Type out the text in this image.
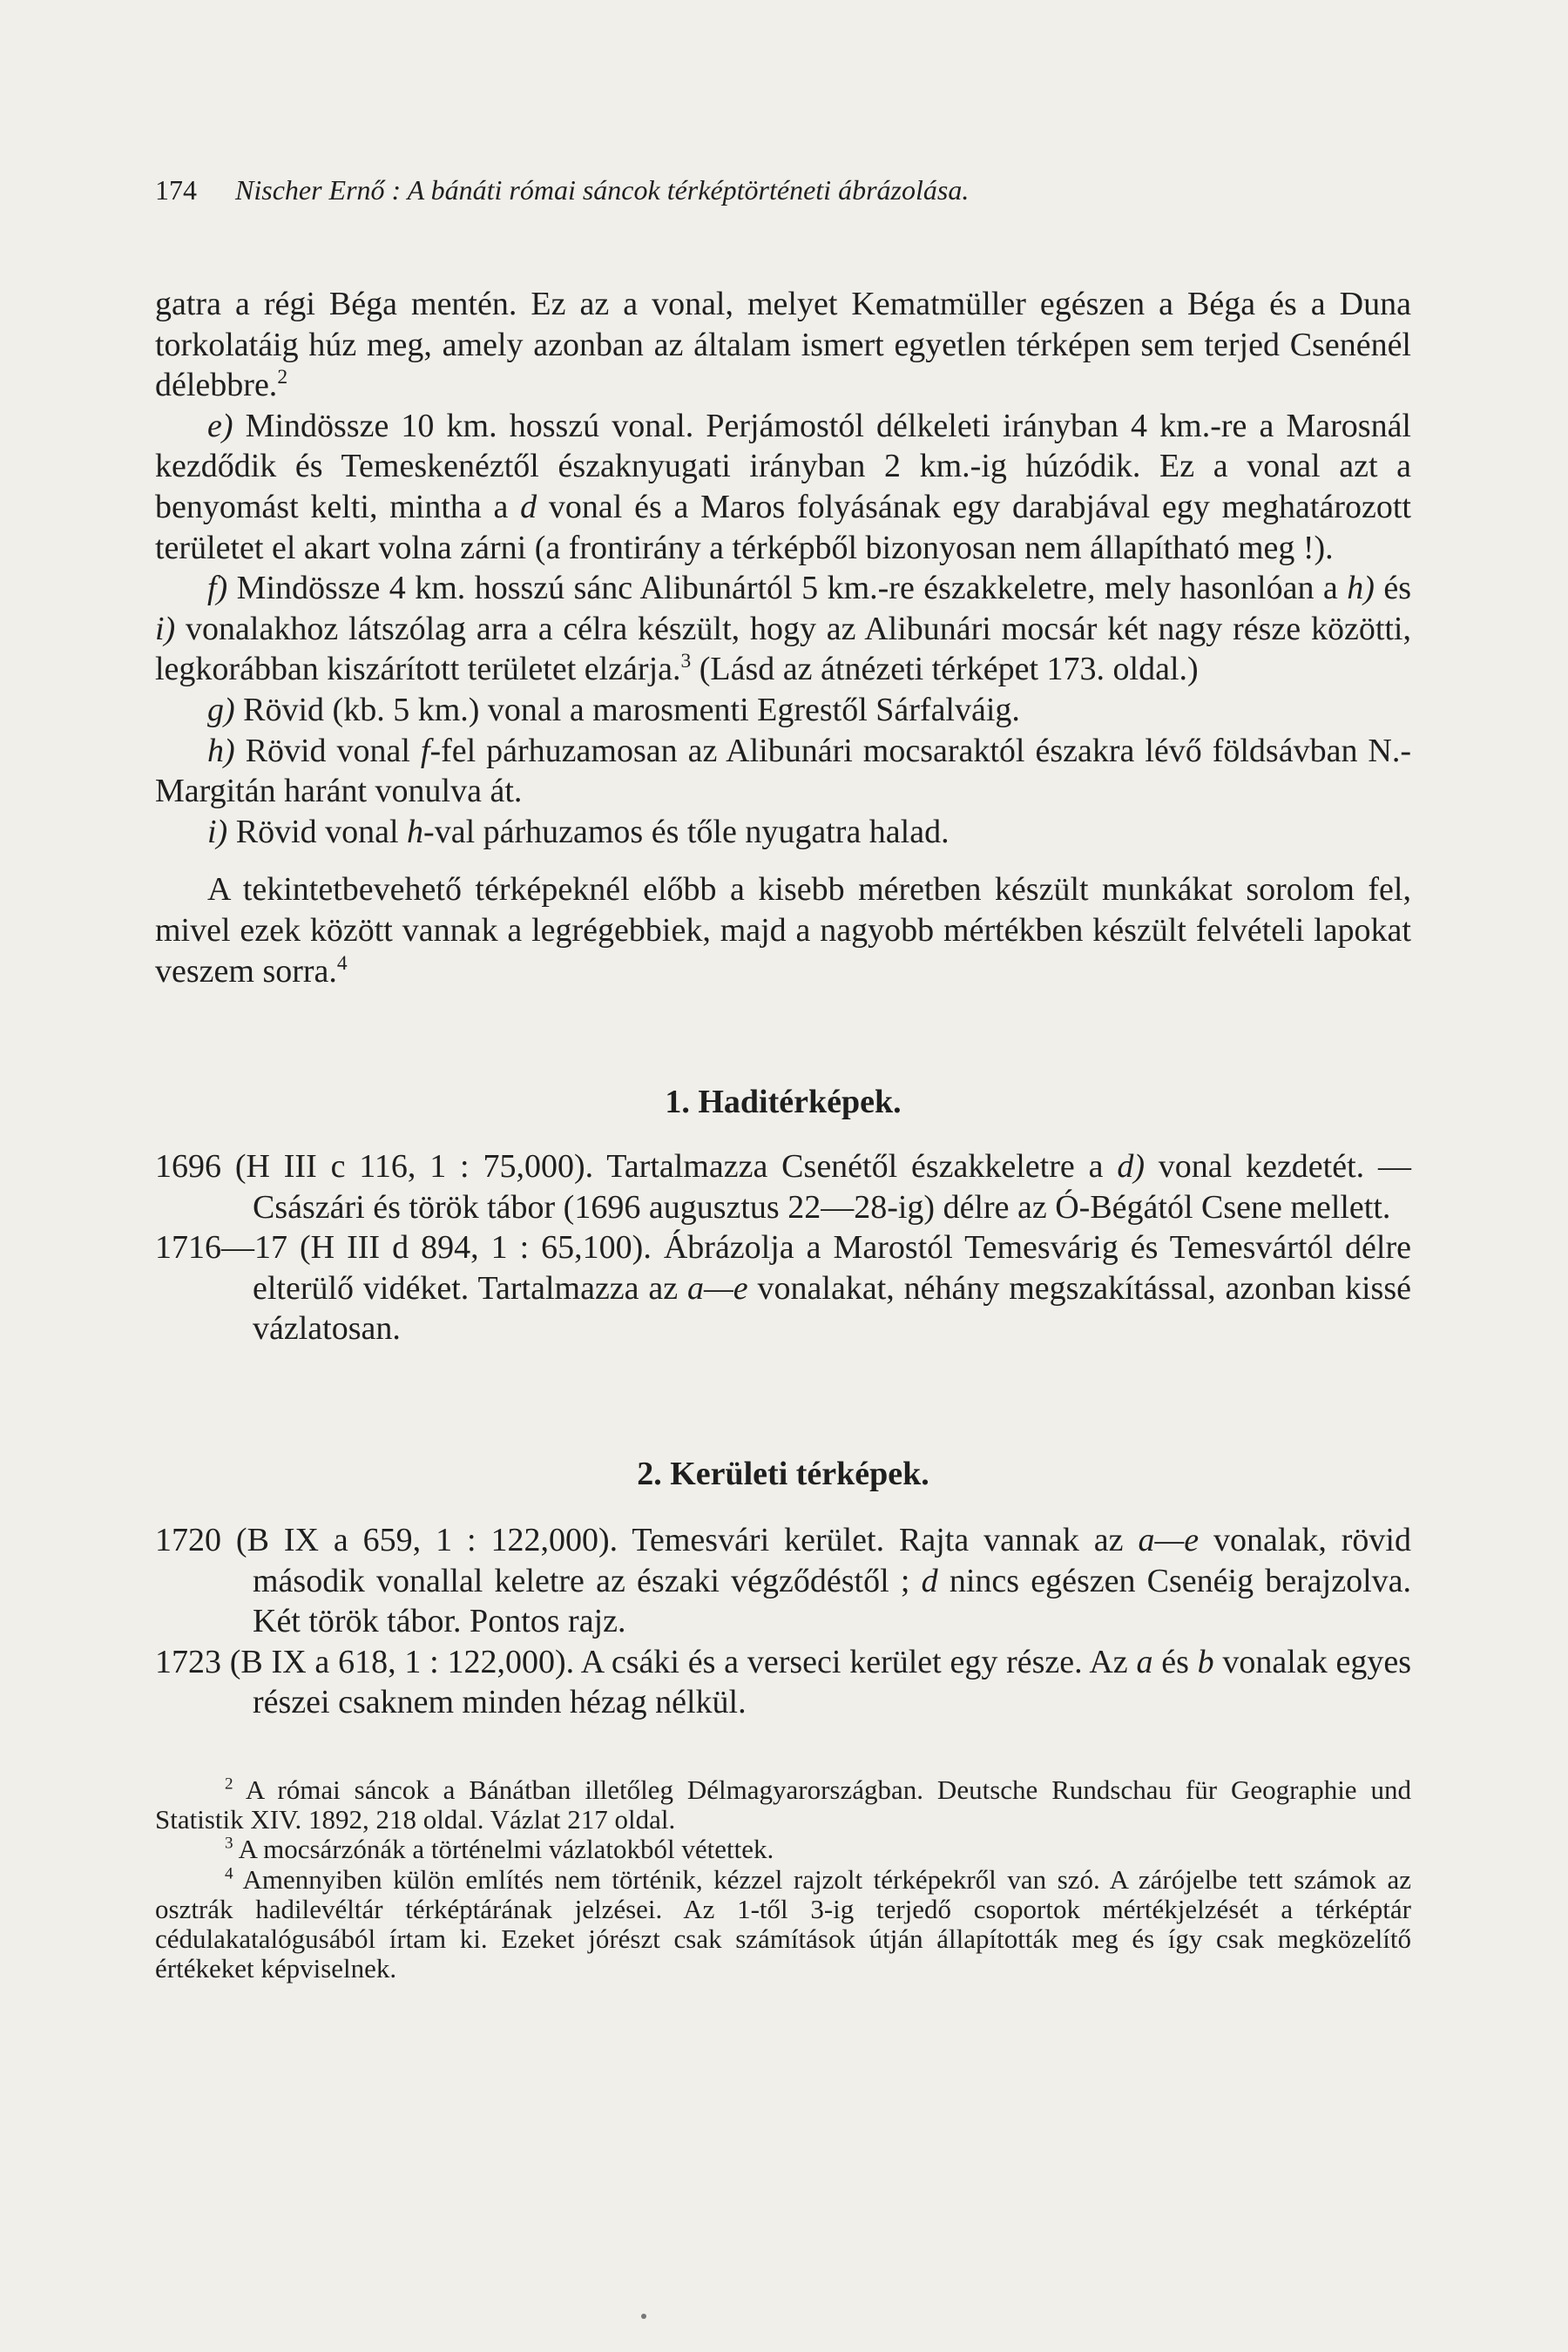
174 Nischer Ernő : A bánáti római sáncok térképtörténeti ábrázolása.

gatra a régi Béga mentén. Ez az a vonal, melyet Kematmüller egészen a Béga és a Duna torkolatáig húz meg, amely azonban az általam ismert egyetlen térképen sem terjed Csenénél délebbre.$^2$

e) Mindössze 10 km. hosszú vonal. Perjámostól délkeleti irányban 4 km.-re a Marosnál kezdődik és Temeskenéztől északnyugati irányban 2 km.-ig húzódik. Ez a vonal azt a benyomást kelti, mintha a d vonal és a Maros folyásának egy darabjával egy meghatározott területet el akart volna zárni (a frontirány a térképből bizonyosan nem állapítható meg !).

f) Mindössze 4 km. hosszú sánc Alibunártól 5 km.-re északkeletre, mely hasonlóan a h) és i) vonalakhoz látszólag arra a célra készült, hogy az Alibunári mocsár két nagy része közötti, legkorábban kiszárított területet elzárja.$^3$ (Lásd az átnézeti térképet 173. oldal.)

g) Rövid (kb. 5 km.) vonal a marosmenti Egrestől Sárfalváig.

h) Rövid vonal f-fel párhuzamosan az Alibunári mocsaraktól északra lévő földsávban N.-Margitán haránt vonulva át.

i) Rövid vonal h-val párhuzamos és tőle nyugatra halad.

A tekintetbevehető térképeknél előbb a kisebb méretben készült munkákat sorolom fel, mivel ezek között vannak a legrégebbiek, majd a nagyobb mértékben készült felvételi lapokat veszem sorra.$^4$

1. Haditérképek.

1696 (H III c 116, 1 : 75,000). Tartalmazza Csenétől északkeletre a d) vonal kezdetét. — Császári és török tábor (1696 augusztus 22—28-ig) délre az Ó-Bégától Csene mellett.

1716—17 (H III d 894, 1 : 65,100). Ábrázolja a Marostól Temesvárig és Temesvártól délre elterülő vidéket. Tartalmazza az a—e vonalakat, néhány megszakítással, azonban kissé vázlatosan.

2. Kerületi térképek.

1720 (B IX a 659, 1 : 122,000). Temesvári kerület. Rajta vannak az a—e vonalak, rövid második vonallal keletre az északi végződéstől ; d nincs egészen Csenéig berajzolva. Két török tábor. Pontos rajz.

1723 (B IX a 618, 1 : 122,000). A csáki és a verseci kerület egy része. Az a és b vonalak egyes részei csaknem minden hézag nélkül.

$^2$ A római sáncok a Bánátban illetőleg Délmagyarországban. Deutsche Rundschau für Geographie und Statistik XIV. 1892, 218 oldal. Vázlat 217 oldal.

$^3$ A mocsárzónák a történelmi vázlatokból vétettek.

$^4$ Amennyiben külön említés nem történik, kézzel rajzolt térképekről van szó. A zárójelbe tett számok az osztrák hadilevéltár térképtárának jelzései. Az 1-től 3-ig terjedő csoportok mértékjelzését a térképtár cédulakatalógusából írtam ki. Ezeket jórészt csak számítások útján állapították meg és így csak megközelítő értékeket képviselnek.
